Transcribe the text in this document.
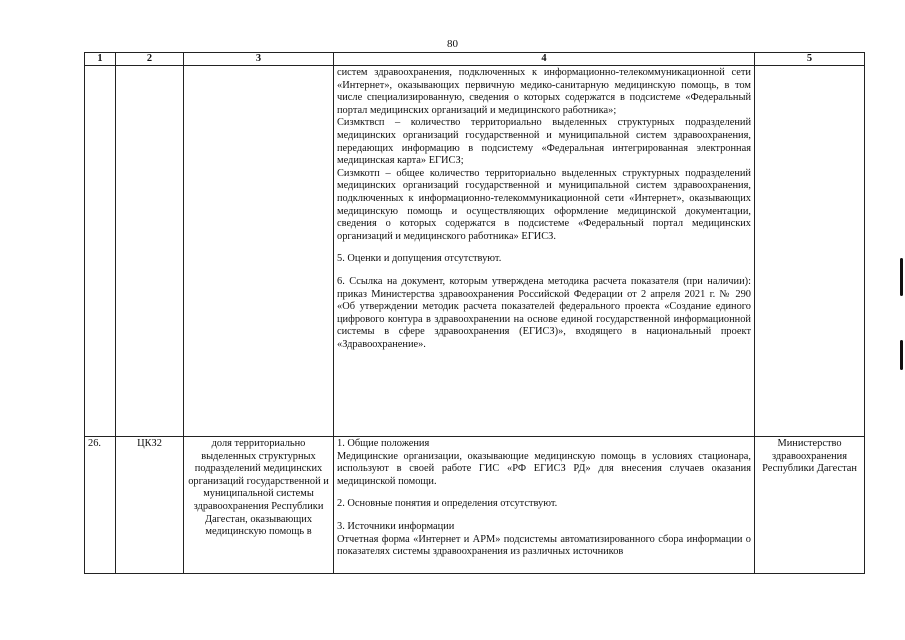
80
1	2	3	4	5

			систем здравоохранения, подключенных к информационно-телекоммуникационной сети «Интернет», оказывающих первичную медико-санитарную медицинскую помощь, в том числе специализированную, сведения о которых содержатся в подсистеме «Федеральный портал медицинских организаций и медицинского работника»;

Сизмктвсп – количество территориально выделенных структурных подразделений медицинских организаций государственной и муниципальной систем здравоохранения, передающих информацию в подсистему «Федеральная интегрированная электронная медицинская карта» ЕГИСЗ;

Сизмкотп – общее количество территориально выделенных структурных подразделений медицинских организаций государственной и муниципальной систем здравоохранения, подключенных к информационно-телекоммуникационной сети «Интернет», оказывающих медицинскую помощь и осуществляющих оформление медицинской документации, сведения о которых содержатся в подсистеме «Федеральный портал медицинских организаций и медицинского работника» ЕГИСЗ.

5. Оценки и допущения отсутствуют.

6. Ссылка на документ, которым утверждена методика расчета показателя (при наличии): приказ Министерства здравоохранения Российской Федерации от 2 апреля 2021 г. № 290 «Об утверждении методик расчета показателей федерального проекта «Создание единого цифрового контура в здравоохранении на основе единой государственной информационной системы в сфере здравоохранения (ЕГИСЗ)», входящего в национальный проект «Здравоохранение».	

26.	ЦКЗ2	доля территориально выделенных структурных подразделений медицинских организаций государственной и муниципальной системы здравоохранения Республики Дагестан, оказывающих медицинскую помощь в	1. Общие положения

Медицинские организации, оказывающие медицинскую помощь в условиях стационара, используют в своей работе ГИС «РФ ЕГИСЗ РД» для внесения случаев оказания медицинской помощи.

2. Основные понятия и определения отсутствуют.

3. Источники информации

Отчетная форма «Интернет и АРМ» подсистемы автоматизированного сбора информации о показателях системы здравоохранения из различных источников	Министерство здравоохранения Республики Дагестан
